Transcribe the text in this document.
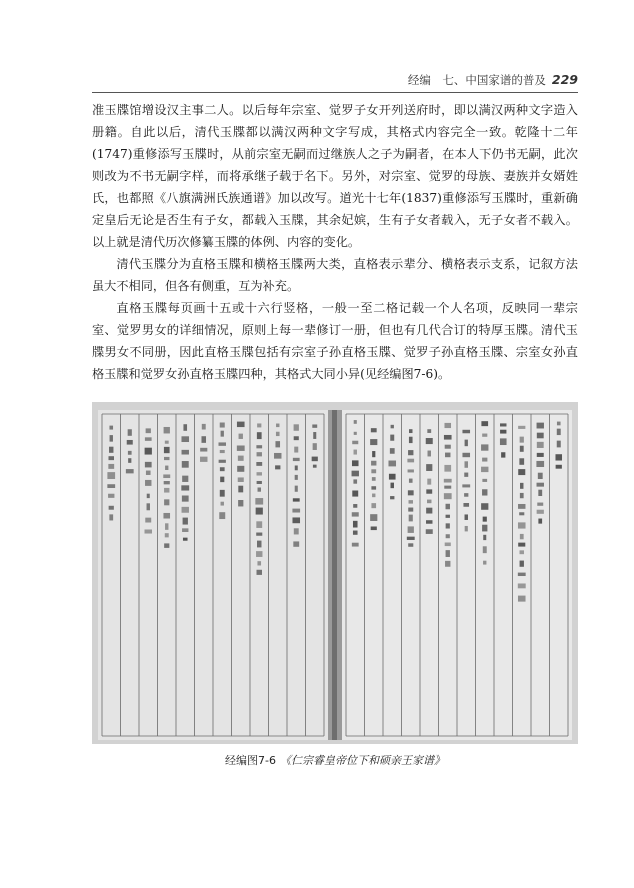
经编　七、中国家谱的普及 229

准玉牒馆增设汉主事二人。以后每年宗室、觉罗子女开列送府时，即以满汉两种文字造入册籍。自此以后，清代玉牒都以满汉两种文字写成，其格式内容完全一致。乾隆十二年(1747)重修添写玉牒时，从前宗室无嗣而过继族人之子为嗣者，在本人下仍书无嗣，此次则改为不书无嗣字样，而将承继子载于名下。另外，对宗室、觉罗的母族、妻族并女婿姓氏，也都照《八旗满洲氏族通谱》加以改写。道光十七年(1837)重修添写玉牒时，重新确定皇后无论是否生有子女，都载入玉牒，其余妃嫔，生有子女者载入，无子女者不载入。以上就是清代历次修纂玉牒的体例、内容的变化。

清代玉牒分为直格玉牒和横格玉牒两大类，直格表示辈分、横格表示支系，记叙方法虽大不相同，但各有侧重，互为补充。

直格玉牒每页画十五或十六行竖格，一般一至二格记载一个人名项，反映同一辈宗室、觉罗男女的详细情况，原则上每一辈修订一册，但也有几代合订的特厚玉牒。清代玉牒男女不同册，因此直格玉牒包括有宗室子孙直格玉牒、觉罗子孙直格玉牒、宗室女孙直格玉牒和觉罗女孙直格玉牒四种，其格式大同小异(见经编图7-6)。

经编图7-6 《仁宗睿皇帝位下和硕亲王家谱》
